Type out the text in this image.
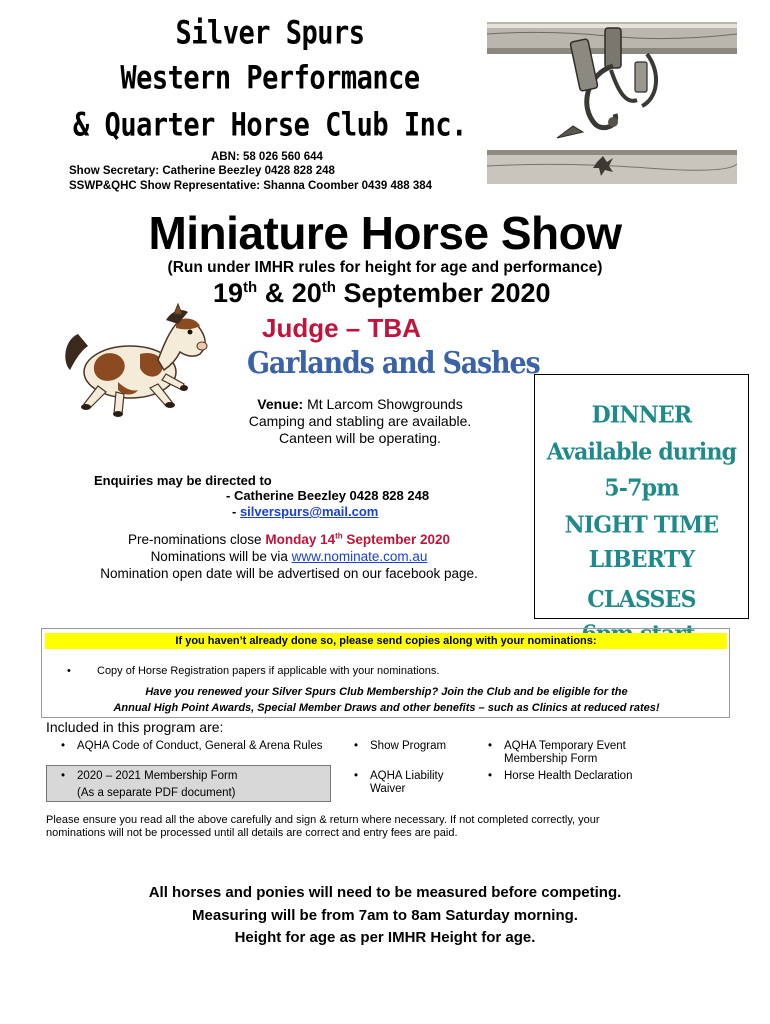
Silver Spurs
Western Performance
& Quarter Horse Club Inc.
ABN: 58 026 560 644
Show Secretary: Catherine Beezley 0428 828 248
SSWP&QHC Show Representative: Shanna Coomber 0439 488 384
Miniature Horse Show
(Run under IMHR rules for height for age and performance)
19th & 20th September 2020
Judge – TBA
Garlands and Sashes
Venue: Mt Larcom Showgrounds
Camping and stabling are available.
Canteen will be operating.
Enquiries may be directed to
- Catherine Beezley 0428 828 248
- silverspurs@mail.com
Pre-nominations close Monday 14th September 2020
Nominations will be via www.nominate.com.au
Nomination open date will be advertised on our facebook page.
DINNER
Available during
5-7pm
NIGHT TIME
LIBERTY CLASSES
If you haven’t already done so, please send copies along with your nominations:
• Copy of Horse Registration papers if applicable with your nominations.
Have you renewed your Silver Spurs Club Membership? Join the Club and be eligible for the
Annual High Point Awards, Special Member Draws and other benefits – such as Clinics at reduced rates!
Included in this program are:
• AQHA Code of Conduct, General & Arena Rules
• 2020 – 2021 Membership Form
(As a separate PDF document)
• Show Program
• AQHA Liability
Waiver
• AQHA Temporary Event
Membership Form
• Horse Health Declaration
Please ensure you read all the above carefully and sign & return where necessary. If not completed correctly, your
nominations will not be processed until all details are correct and entry fees are paid.
All horses and ponies will need to be measured before competing.
Measuring will be from 7am to 8am Saturday morning.
Height for age as per IMHR Height for age.
